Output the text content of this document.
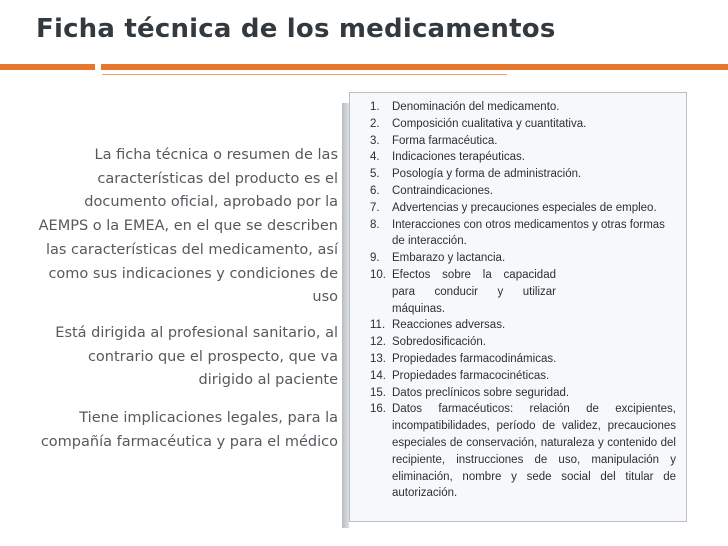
Ficha técnica de los medicamentos

La ficha técnica o resumen de las características del producto es el documento oficial, aprobado por la AEMPS o la EMEA, en el que se describen las características del medicamento, así como sus indicaciones y condiciones de uso

Está dirigida al profesional sanitario, al contrario que el prospecto, que va dirigido al paciente

Tiene implicaciones legales, para la compañía farmacéutica y para el médico

1.	Denominación del medicamento.
2.	Composición cualitativa y cuantitativa.
3.	Forma farmacéutica.
4.	Indicaciones terapéuticas.
5.	Posología y forma de administración.
6.	Contraindicaciones.
7.	Advertencias y precauciones especiales de empleo.
8.	Interacciones con otros medicamentos y otras formas de interacción.
9.	Embarazo y lactancia.
10. Efectos sobre la capacidad para conducir y utilizar máquinas.
11. Reacciones adversas.
12. Sobredosificación.
13. Propiedades farmacodinámicas.
14. Propiedades farmacocinéticas.
15. Datos preclínicos sobre seguridad.
16. Datos farmacéuticos: relación de excipientes, incompatibilidades, período de validez, precauciones especiales de conservación, naturaleza y contenido del recipiente, instrucciones de uso, manipulación y eliminación, nombre y sede social del titular de autorización.
